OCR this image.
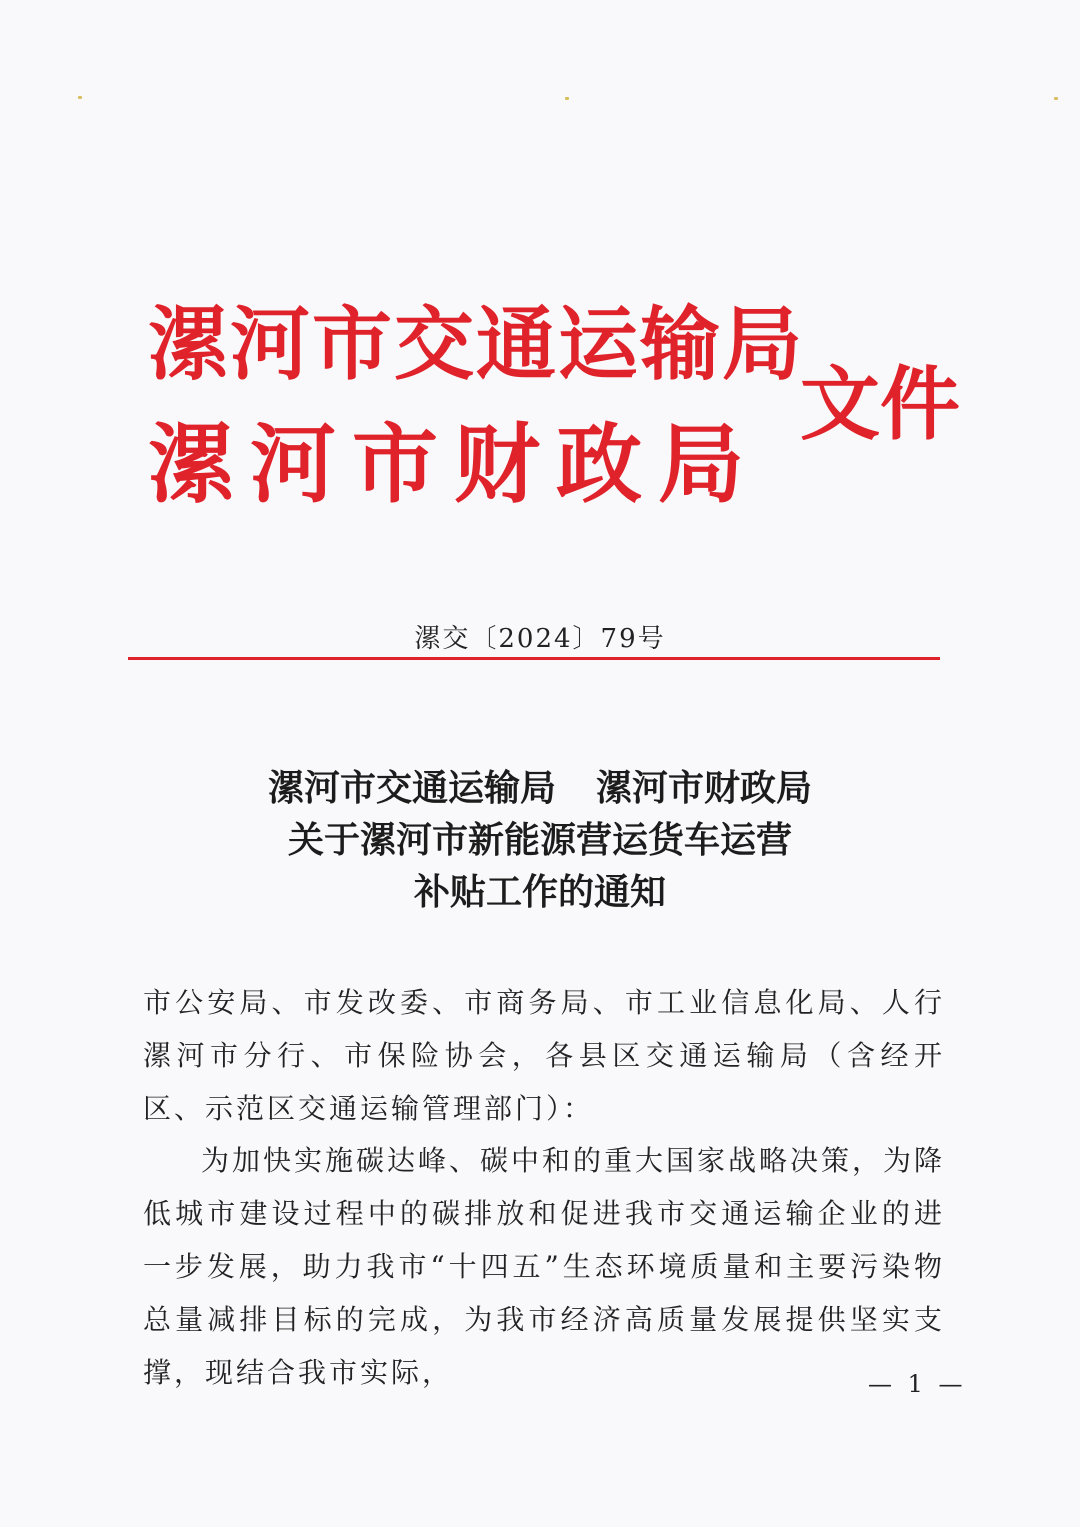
漯河市交通运输局
漯河市财政局
文件
漯交〔2024〕79号
漯河市交通运输局 漯河市财政局
关于漯河市新能源营运货车运营
补贴工作的通知
市公安局、市发改委、市商务局、市工业信息化局、人行漯河市分行、市保险协会，各县区交通运输局（含经开区、示范区交通运输管理部门）：
为加快实施碳达峰、碳中和的重大国家战略决策，为降低城市建设过程中的碳排放和促进我市交通运输企业的进一步发展，助力我市“十四五”生态环境质量和主要污染物总量减排目标的完成，为我市经济高质量发展提供坚实支撑，现结合我市实际，	— 1 —
